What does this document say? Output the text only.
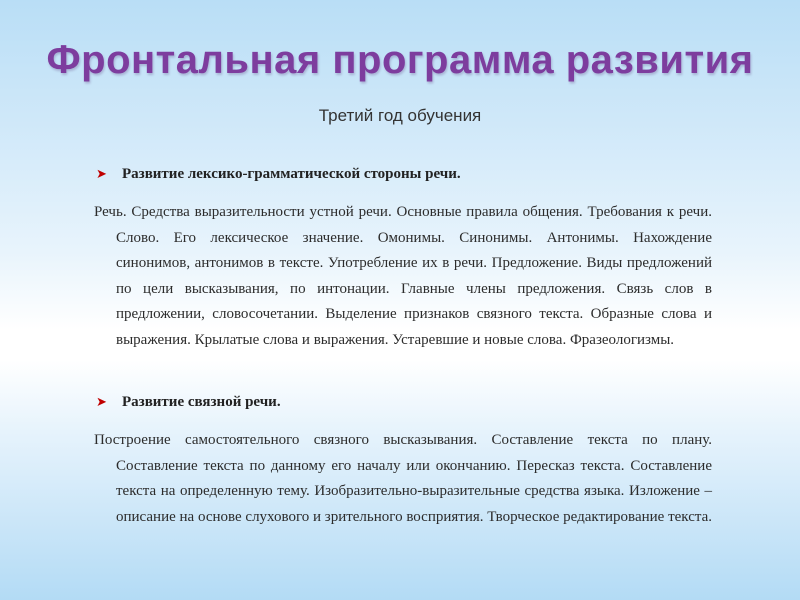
Фронтальная программа развития
Третий год обучения
➤	Развитие лексико-грамматической стороны речи.
Речь. Средства выразительности устной речи. Основные правила общения. Требования к речи. Слово. Его лексическое значение. Омонимы. Синонимы. Антонимы. Нахождение синонимов, антонимов в тексте. Употребление их в речи. Предложение. Виды предложений по цели высказывания, по интонации. Главные члены предложения. Связь слов в предложении, словосочетании. Выделение признаков связного текста. Образные слова и выражения. Крылатые слова и выражения. Устаревшие и новые слова. Фразеологизмы.
➤	Развитие связной речи.
Построение самостоятельного связного высказывания. Составление текста по плану. Составление текста по данному его началу или окончанию. Пересказ текста. Составление текста на определенную тему. Изобразительно-выразительные средства языка. Изложение – описание на основе слухового и зрительного восприятия. Творческое редактирование текста.
